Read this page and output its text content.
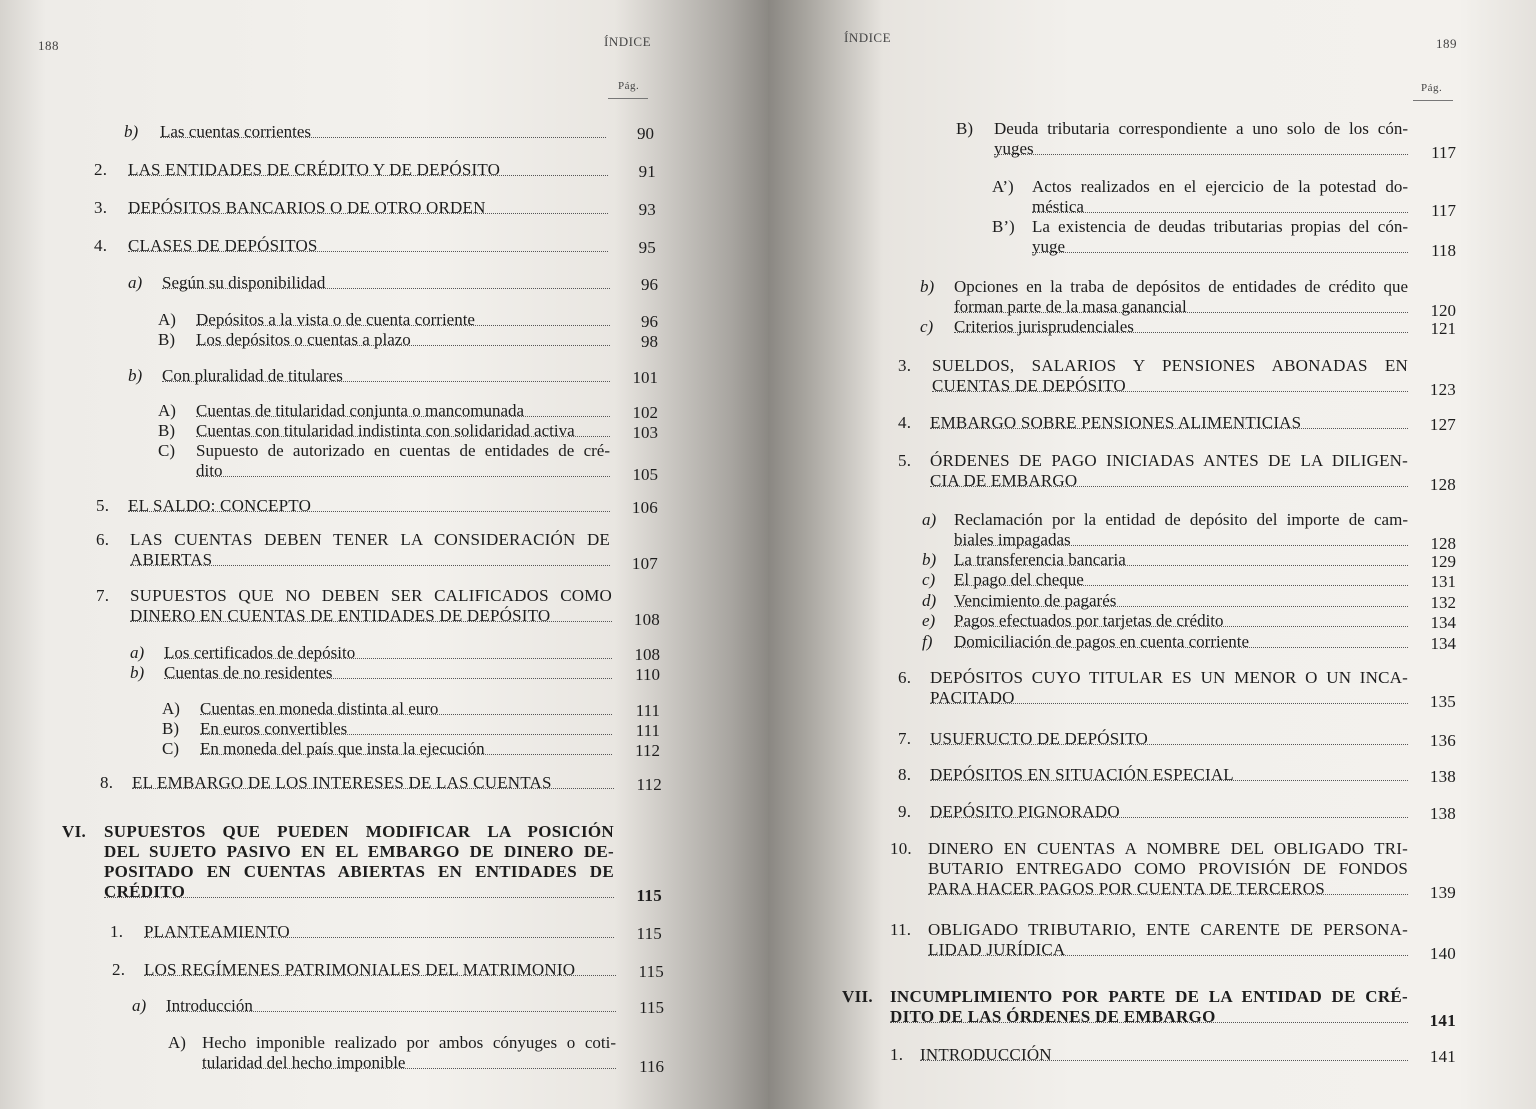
188	ÍNDICE
Pág.
b)	Las cuentas corrientes	90
2.	LAS ENTIDADES DE CRÉDITO Y DE DEPÓSITO	91
3.	DEPÓSITOS BANCARIOS O DE OTRO ORDEN	93
4.	CLASES DE DEPÓSITOS	95
a)	Según su disponibilidad	96
A)	Depósitos a la vista o de cuenta corriente	96
B)	Los depósitos o cuentas a plazo	98
b)	Con pluralidad de titulares	101
A)	Cuentas de titularidad conjunta o mancomunada	102
B)	Cuentas con titularidad indistinta con solidaridad activa	103
C)	Supuesto de autorizado en cuentas de entidades de cré-
dito	105
5.	EL SALDO: CONCEPTO	106
6.	LAS CUENTAS DEBEN TENER LA CONSIDERACIÓN DE
ABIERTAS	107
7.	SUPUESTOS QUE NO DEBEN SER CALIFICADOS COMO
DINERO EN CUENTAS DE ENTIDADES DE DEPÓSITO	108
a)	Los certificados de depósito	108
b)	Cuentas de no residentes	110
A)	Cuentas en moneda distinta al euro	111
B)	En euros convertibles	111
C)	En moneda del país que insta la ejecución	112
8.	EL EMBARGO DE LOS INTERESES DE LAS CUENTAS	112
VI.	SUPUESTOS QUE PUEDEN MODIFICAR LA POSICIÓN
DEL SUJETO PASIVO EN EL EMBARGO DE DINERO DE-
POSITADO EN CUENTAS ABIERTAS EN ENTIDADES DE
CRÉDITO	115
1.	PLANTEAMIENTO	115
2.	LOS REGÍMENES PATRIMONIALES DEL MATRIMONIO	115
a)	Introducción	115
A) Hecho imponible realizado por ambos cónyuges o coti-
tularidad del hecho imponible	116
ÍNDICE	189
Pág.
B)	Deuda tributaria correspondiente a uno solo de los cón-
yuges	117
A’)	Actos realizados en el ejercicio de la potestad do-
méstica	117
B’)	La existencia de deudas tributarias propias del cón-
yuge	118
b)	Opciones en la traba de depósitos de entidades de crédito que
forman parte de la masa ganancial	120
c)	Criterios jurisprudenciales	121
3.	SUELDOS, SALARIOS Y PENSIONES ABONADAS EN
CUENTAS DE DEPÓSITO	123
4.	EMBARGO SOBRE PENSIONES ALIMENTICIAS	127
5.	ÓRDENES DE PAGO INICIADAS ANTES DE LA DILIGEN-
CIA DE EMBARGO	128
a)	Reclamación por la entidad de depósito del importe de cam-
biales impagadas	128
b)	La transferencia bancaria	129
c)	El pago del cheque	131
d)	Vencimiento de pagarés	132
e)	Pagos efectuados por tarjetas de crédito	134
f)	Domiciliación de pagos en cuenta corriente	134
6.	DEPÓSITOS CUYO TITULAR ES UN MENOR O UN INCA-
PACITADO	135
7.	USUFRUCTO DE DEPÓSITO	136
8.	DEPÓSITOS EN SITUACIÓN ESPECIAL	138
9.	DEPÓSITO PIGNORADO	138
10. DINERO EN CUENTAS A NOMBRE DEL OBLIGADO TRI-
BUTARIO ENTREGADO COMO PROVISIÓN DE FONDOS
PARA HACER PAGOS POR CUENTA DE TERCEROS	139
11. OBLIGADO TRIBUTARIO, ENTE CARENTE DE PERSONA-
LIDAD JURÍDICA	140
VII.	INCUMPLIMIENTO POR PARTE DE LA ENTIDAD DE CRÉ-
DITO DE LAS ÓRDENES DE EMBARGO	141
1. INTRODUCCIÓN	141
